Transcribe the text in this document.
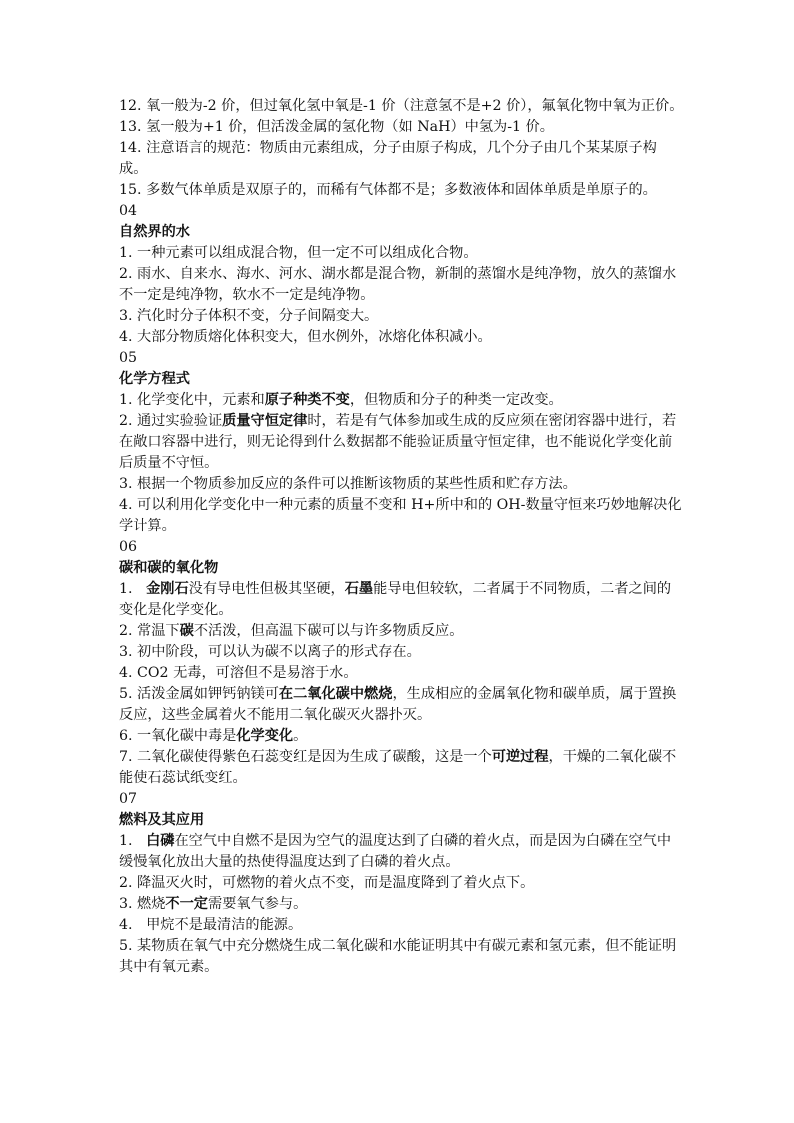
12. 氧一般为-2 价，但过氧化氢中氧是-1 价（注意氢不是+2 价），氟氧化物中氧为正价。

13. 氢一般为+1 价，但活泼金属的氢化物（如 NaH）中氢为-1 价。

14. 注意语言的规范：物质由元素组成，分子由原子构成，几个分子由几个某某原子构成。

15. 多数气体单质是双原子的，而稀有气体都不是；多数液体和固体单质是单原子的。

04

自然界的水

1. 一种元素可以组成混合物，但一定不可以组成化合物。

2. 雨水、自来水、海水、河水、湖水都是混合物，新制的蒸馏水是纯净物，放久的蒸馏水不一定是纯净物，软水不一定是纯净物。

3. 汽化时分子体积不变，分子间隔变大。

4. 大部分物质熔化体积变大，但水例外，冰熔化体积减小。

05

化学方程式

1. 化学变化中，元素和原子种类不变，但物质和分子的种类一定改变。

2. 通过实验验证质量守恒定律时，若是有气体参加或生成的反应须在密闭容器中进行，若在敞口容器中进行，则无论得到什么数据都不能验证质量守恒定律，也不能说化学变化前后质量不守恒。

3. 根据一个物质参加反应的条件可以推断该物质的某些性质和贮存方法。

4. 可以利用化学变化中一种元素的质量不变和 H+所中和的 OH-数量守恒来巧妙地解决化学计算。

06

碳和碳的氧化物

1.   金刚石没有导电性但极其坚硬，石墨能导电但较软，二者属于不同物质，二者之间的变化是化学变化。

2. 常温下碳不活泼，但高温下碳可以与许多物质反应。

3. 初中阶段，可以认为碳不以离子的形式存在。

4. CO2 无毒，可溶但不是易溶于水。

5. 活泼金属如钾钙钠镁可在二氧化碳中燃烧，生成相应的金属氧化物和碳单质，属于置换反应，这些金属着火不能用二氧化碳灭火器扑灭。

6. 一氧化碳中毒是化学变化。

7. 二氧化碳使得紫色石蕊变红是因为生成了碳酸，这是一个可逆过程，干燥的二氧化碳不能使石蕊试纸变红。

07

燃料及其应用

1.   白磷在空气中自燃不是因为空气的温度达到了白磷的着火点，而是因为白磷在空气中缓慢氧化放出大量的热使得温度达到了白磷的着火点。

2. 降温灭火时，可燃物的着火点不变，而是温度降到了着火点下。

3. 燃烧不一定需要氧气参与。

4.   甲烷不是最清洁的能源。

5. 某物质在氧气中充分燃烧生成二氧化碳和水能证明其中有碳元素和氢元素，但不能证明其中有氧元素。
